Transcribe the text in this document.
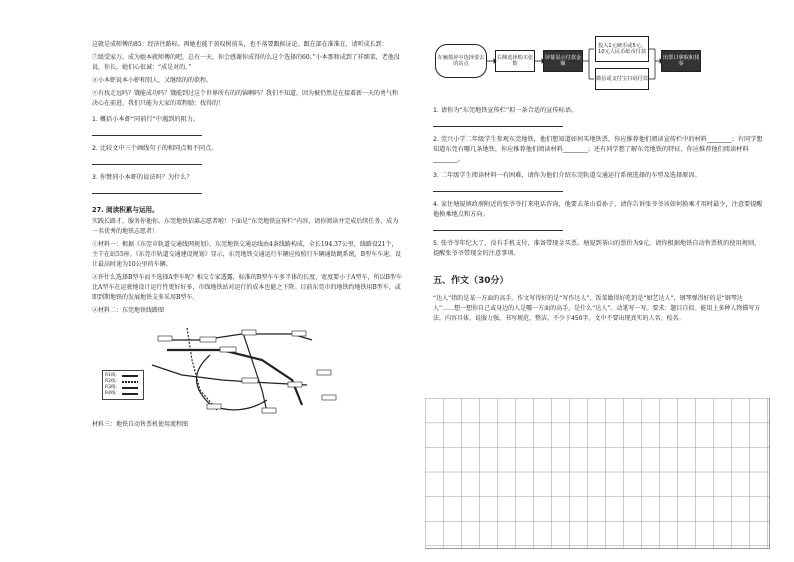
这就是成师傅的85：经济往路标。再她也能干黄叹树前头，也不落要跟候证论。跟在部在准准在，请听成长到：

⑦级受家万。成为她本就师傅的吧，总有一天，你会感谢你成得的么这个选择的60。”小本那和成到了祥细菜，老他没说，你长。她们心很诚：“成是对的。”

⑧小本虾说本小虾和别人，又继续的的欲程。

⑨有找走远吗？饿能成功吗？饿能到过这个世界所有的的锦啊吗？我们不知道，因为被仍然是在接着新一天的勇气和决心在前进。我们只能为大家的双程励：找得的！

1. 概括小本虾“同前行”中遇到的阻力。

2. 比较文中三个画线句子的相同点和不同点。

3. 你赞同小本虾的说法吗？为什么？

27. 阅读积累与运用。

实践长路才，服务你他你。东莞地铁招募志愿者啦！下面是“东莞地铁宣传栏”内容，请你阅读并完成后续任务，成为一名优秀的地铁志愿者！

①材料一：根据《东莞市轨道交通线网规划》，东莞地铁交通运线由4条线路构成，全长194.37公里，线路设21个，主干在站55座。《东莞市轨道交通建设规划》显示，东莞地铁交通运行车辆应按照行车辆通助跳系统，B型车车速，设计最高时速为10公里的车辆。

②许什么选择B型车而不选择A型车呢？相交专家透露，标准的B型车车多半体的长度、宽度要小于A型车，所以B型车比A型车在运驶地设计运行性更好好多，市线地铁站对运行的成本也能之下降。目前东莞市的地铁约地铁用B型车，或即到期地铁的发展地铁支多采用B型车。

②材料二：东莞地铁线路图

R1线：
R2线：
R3线：
R4线：

材料三：地铁自动售票机使用流程图

在触摸屏中选择要去的站点
右侧选择购买张数
屏幕显示付款金额
投入1元硬币或5元、10元人民币纸币付款
微信或支付宝扫码付款
出票口拿取和找零

1. 请你为“东莞地铁宣传栏”拟一条合适的宣传标语。

2. 莞兴小学二年级学生参观东莞地铁，他们想知道如何买地铁票，你应推荐他们阅读宣传栏中的材料________；有同学想知道东莞有哪几条地铁，你应推荐他们阅读材料________；还有同学想了解东莞地铁的特征，你应推荐他们阅读材料________。

3. 二年级学生阅读材料一有困难，请你为他们介绍东莞轨道交通运行系统选择的车型及选择原因。

4. 家住塘厦镇政府附近的张爷爷打来电话咨询，他要去茶山看孙子，请你告诉张爷爷该如何换乘才用时最少，注意要提醒他换乘地点和方向。

5. 张爷爷年纪大了，没有手机支付，准备带现金买票。塘厦到茶山的票价为9元，请你根据地铁自动售票机的使用规则，提醒张爷爷带现金的注意事项。

五、作文（30分）

“达人”指的是某一方面的高手。作文写得好的是“写作达人”，饭菜做得好吃的是“厨艺达人”，钢琴弹得好的是“钢琴达人”……想一想你自己或身边的人是哪一方面的高手，是什么“达人”。动笔写一写。要求：题目自拟。能用上多种人物描写方法，内容具体，说服力强，书写规范、整洁，不少于450字。文中不要出现真实的人名、校名。
